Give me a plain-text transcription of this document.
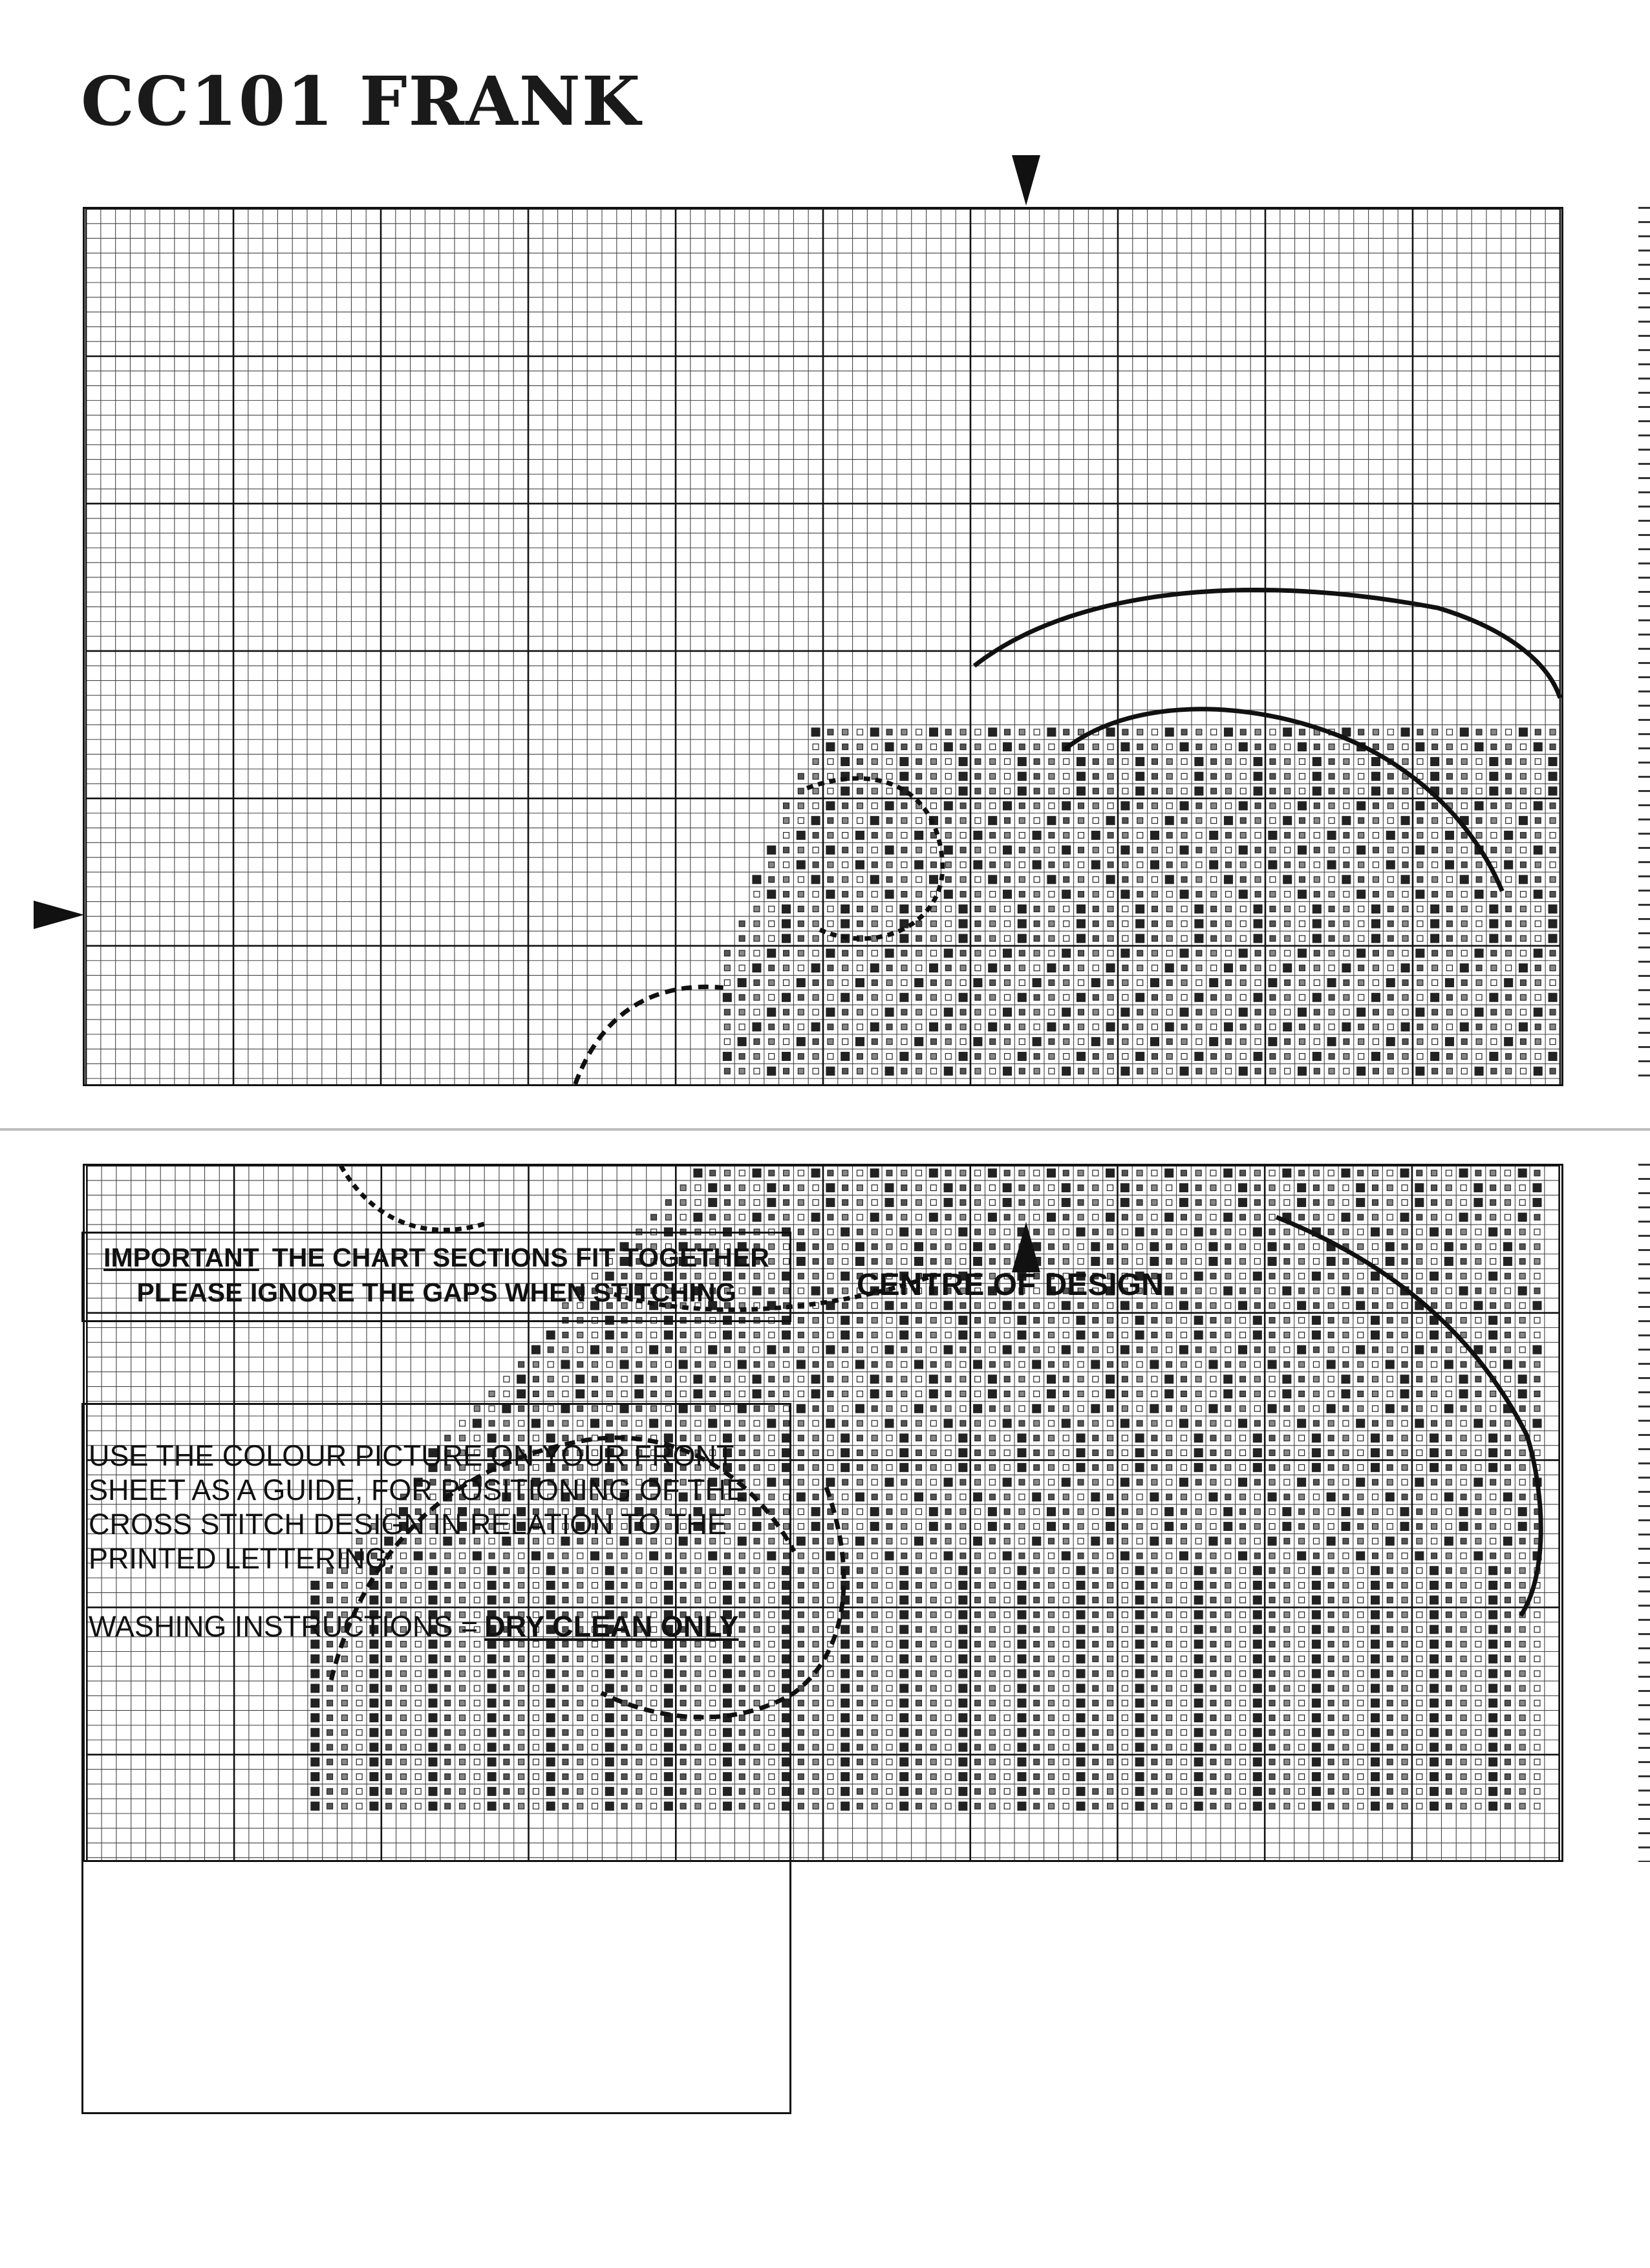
CC101 FRANK
IMPORTANT THE CHART SECTIONS FIT TOGETHER
PLEASE IGNORE THE GAPS WHEN STITCHING	CENTRE OF DESIGN

USE THE COLOUR PICTURE ON YOUR FRONT
SHEET AS A GUIDE, FOR POSITIONING OF THE
CROSS STITCH DESIGN IN RELATION TO THE
PRINTED LETTERING.

WASHING INSTRUCTIONS = DRY CLEAN ONLY
